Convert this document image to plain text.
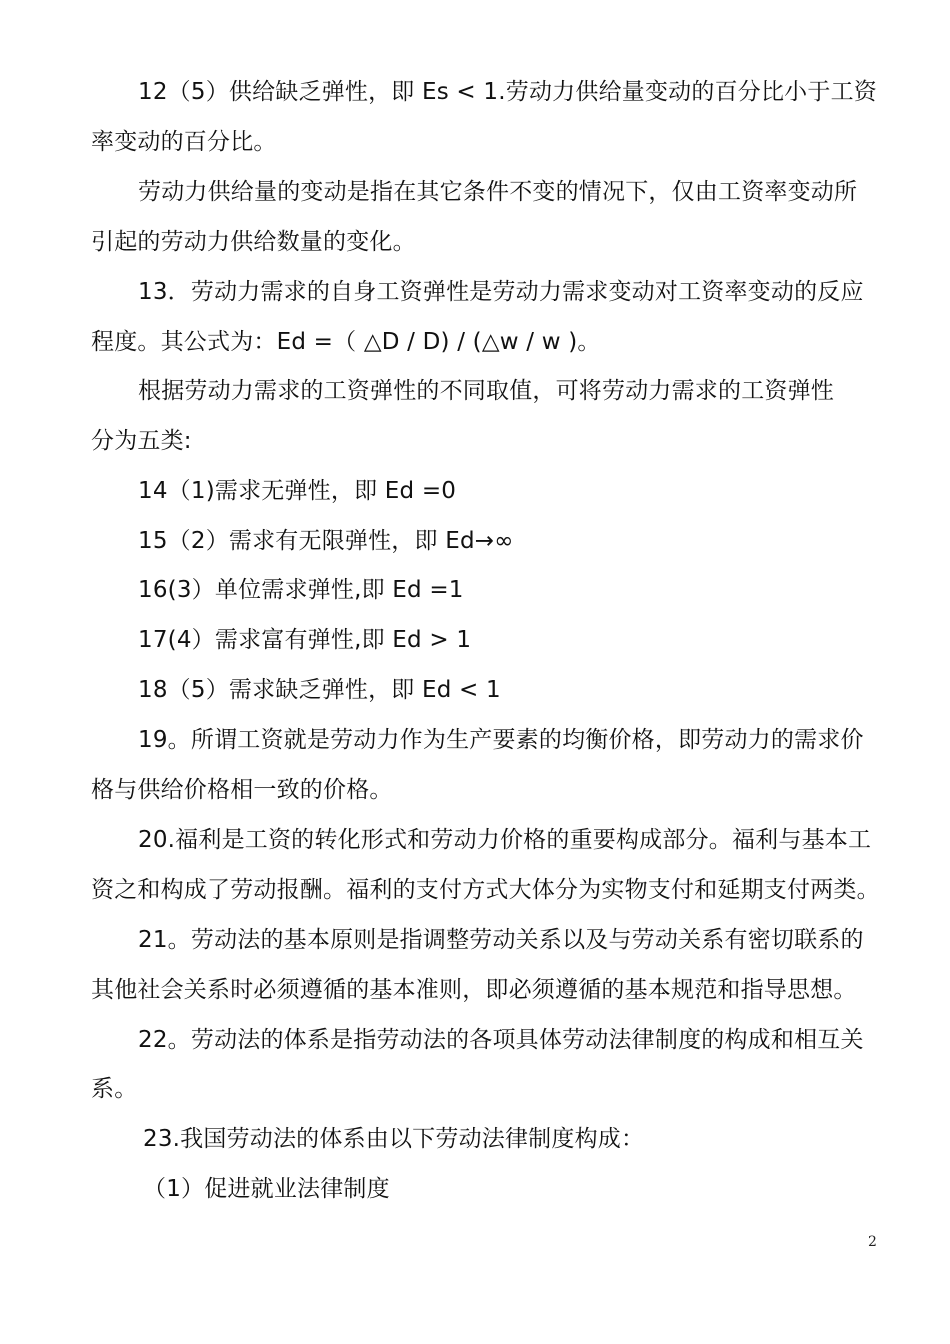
12（5）供给缺乏弹性，即 Es < 1.劳动力供给量变动的百分比小于工资
率变动的百分比。
劳动力供给量的变动是指在其它条件不变的情况下，仅由工资率变动所
引起的劳动力供给数量的变化。
13．劳动力需求的自身工资弹性是劳动力需求变动对工资率变动的反应
程度。其公式为：Ed =（ △D / D) / (△w / w )。
根据劳动力需求的工资弹性的不同取值，可将劳动力需求的工资弹性
分为五类:
14（1)需求无弹性，即 Ed =0
15（2）需求有无限弹性，即 Ed→∞
16(3）单位需求弹性,即 Ed =1
17(4）需求富有弹性,即 Ed > 1
18（5）需求缺乏弹性，即 Ed < 1
19。所谓工资就是劳动力作为生产要素的均衡价格，即劳动力的需求价
格与供给价格相一致的价格。
20.福利是工资的转化形式和劳动力价格的重要构成部分。福利与基本工
资之和构成了劳动报酬。福利的支付方式大体分为实物支付和延期支付两类。
21。劳动法的基本原则是指调整劳动关系以及与劳动关系有密切联系的
其他社会关系时必须遵循的基本准则，即必须遵循的基本规范和指导思想。
22。劳动法的体系是指劳动法的各项具体劳动法律制度的构成和相互关
系。
23.我国劳动法的体系由以下劳动法律制度构成：
（1）促进就业法律制度
2
